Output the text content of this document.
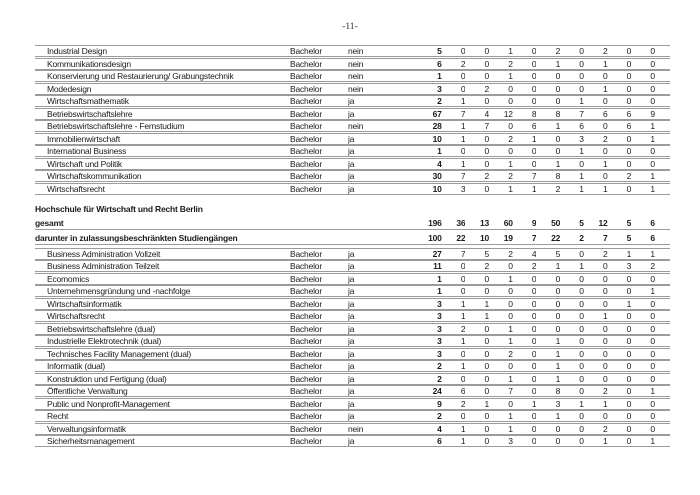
-11-
Industrial Design	Bachelor	nein	5	0	0	1	0	2	0	2	0	0
Kommunikationsdesign	Bachelor	nein	6	2	0	2	0	1	0	1	0	0
Konservierung und Restaurierung/ Grabungstechnik	Bachelor	nein	1	0	0	1	0	0	0	0	0	0
Modedesign	Bachelor	nein	3	0	2	0	0	0	0	1	0	0
Wirtschaftsmathematik	Bachelor	ja	2	1	0	0	0	0	1	0	0	0
Betriebswirtschaftslehre	Bachelor	ja	67	7	4	12	8	8	7	6	6	9
Betriebswirtschaftslehre - Fernstudium	Bachelor	nein	28	1	7	0	6	1	6	0	6	1
Immobilienwirtschaft	Bachelor	ja	10	1	0	2	1	0	3	2	0	1
International Business	Bachelor	ja	1	0	0	0	0	0	1	0	0	0
Wirtschaft und Politik	Bachelor	ja	4	1	0	1	0	1	0	1	0	0
Wirtschaftskommunikation	Bachelor	ja	30	7	2	2	7	8	1	0	2	1
Wirtschaftsrecht	Bachelor	ja	10	3	0	1	1	2	1	1	0	1
Hochschule für Wirtschaft und Recht Berlin
gesamt	196	36	13	60	9	50	5	12	5	6
darunter in zulassungsbeschränkten Studiengängen	100	22	10	19	7	22	2	7	5	6
Business Administration Vollzeit	Bachelor	ja	27	7	5	2	4	5	0	2	1	1
Business Administration Teilzeit	Bachelor	ja	11	0	2	0	2	1	1	0	3	2
Ecomomics	Bachelor	ja	1	0	0	1	0	0	0	0	0	0
Unternehmensgründung und -nachfolge	Bachelor	ja	1	0	0	0	0	0	0	0	0	1
Wirtschaftsinformatik	Bachelor	ja	3	1	1	0	0	0	0	0	1	0
Wirtschaftsrecht	Bachelor	ja	3	1	1	0	0	0	0	1	0	0
Betriebswirtschaftslehre (dual)	Bachelor	ja	3	2	0	1	0	0	0	0	0	0
Industrielle Elektrotechnik (dual)	Bachelor	ja	3	1	0	1	0	1	0	0	0	0
Technisches Facility Management (dual)	Bachelor	ja	3	0	0	2	0	1	0	0	0	0
Informatik (dual)	Bachelor	ja	2	1	0	0	0	1	0	0	0	0
Konstruktion und Fertigung (dual)	Bachelor	ja	2	0	0	1	0	1	0	0	0	0
Öffentliche Verwaltung	Bachelor	ja	24	6	0	7	0	8	0	2	0	1
Public und Nonprofit-Management	Bachelor	ja	9	2	1	0	1	3	1	1	0	0
Recht	Bachelor	ja	2	0	0	1	0	1	0	0	0	0
Verwaltungsinformatik	Bachelor	nein	4	1	0	1	0	0	0	2	0	0
Sicherheitsmanagement	Bachelor	ja	6	1	0	3	0	0	0	1	0	1
